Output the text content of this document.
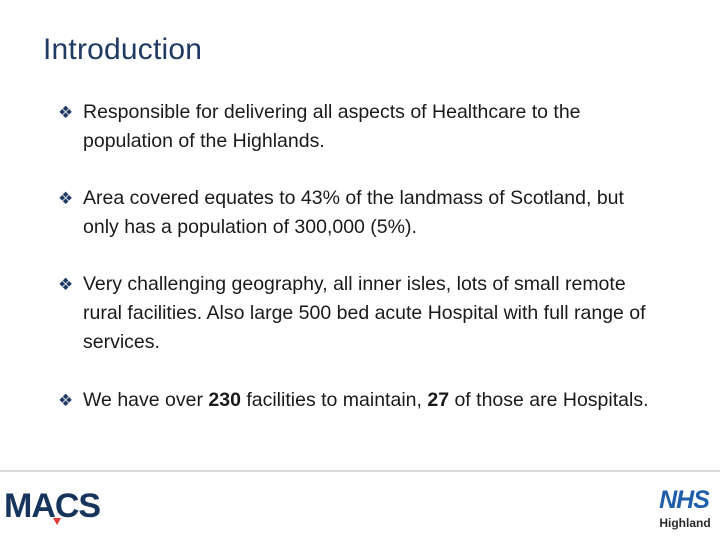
Introduction
❖ Responsible for delivering all aspects of Healthcare to the population of the Highlands.
❖ Area covered equates to 43% of the landmass of Scotland, but only has a population of 300,000 (5%).
❖ Very challenging geography, all inner isles, lots of small remote rural facilities. Also large 500 bed acute Hospital with full range of services.
❖ We have over 230 facilities to maintain, 27 of those are Hospitals.
MACS	NHS
Highland
